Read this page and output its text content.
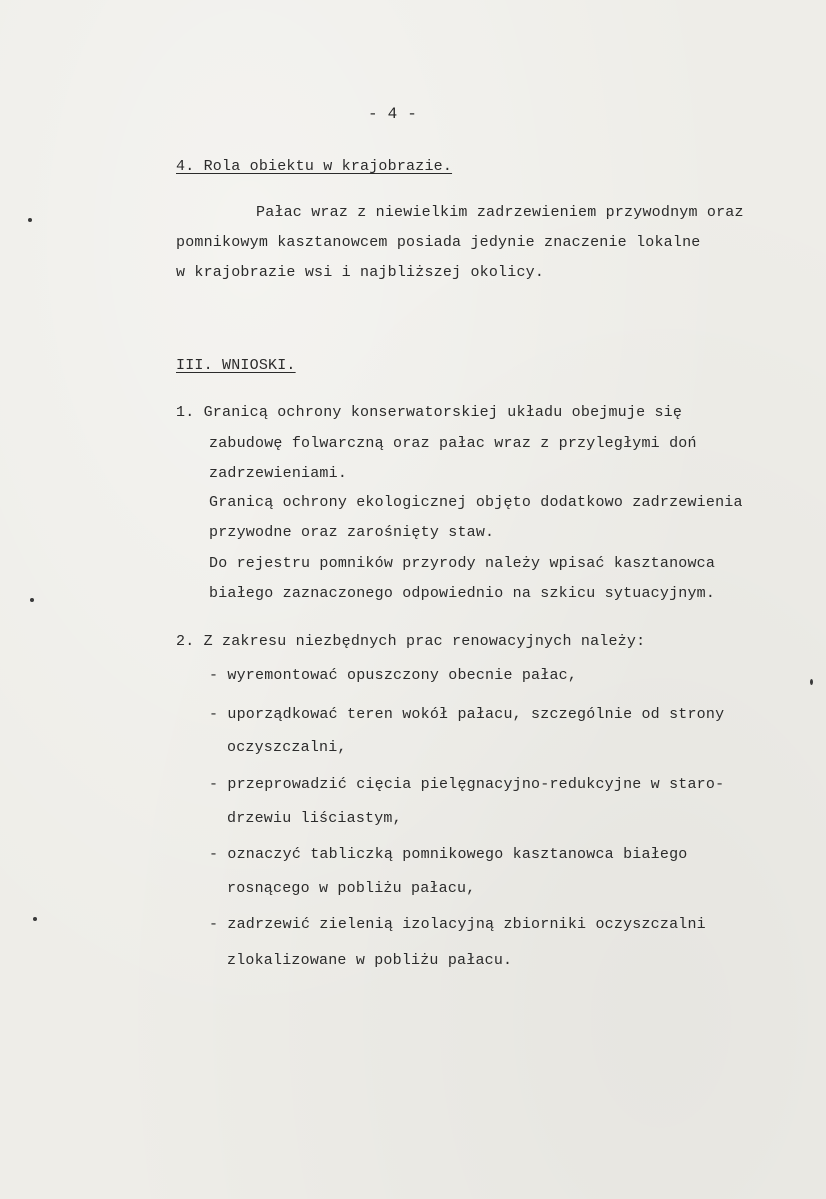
- 4 -

4. Rola obiektu w krajobrazie.

Pałac wraz z niewielkim zadrzewieniem przywodnym oraz

pomnikowym kasztanowcem posiada jedynie znaczenie lokalne

w krajobrazie wsi i najbliższej okolicy.

III. WNIOSKI.

1. Granicą ochrony konserwatorskiej układu obejmuje się

zabudowę folwarczną oraz pałac wraz z przyległymi doń

zadrzewieniami.

Granicą ochrony ekologicznej objęto dodatkowo zadrzewienia

przywodne oraz zarośnięty staw.

Do rejestru pomników przyrody należy wpisać kasztanowca

białego zaznaczonego odpowiednio na szkicu sytuacyjnym.

2. Z zakresu niezbędnych prac renowacyjnych należy:

- wyremontować opuszczony obecnie pałac,

- uporządkować teren wokół pałacu, szczególnie od strony

oczyszczalni,

- przeprowadzić cięcia pielęgnacyjno-redukcyjne w staro-

drzewiu liściastym,

- oznaczyć tabliczką pomnikowego kasztanowca białego

rosnącego w pobliżu pałacu,

- zadrzewić zielenią izolacyjną zbiorniki oczyszczalni

zlokalizowane w pobliżu pałacu.
